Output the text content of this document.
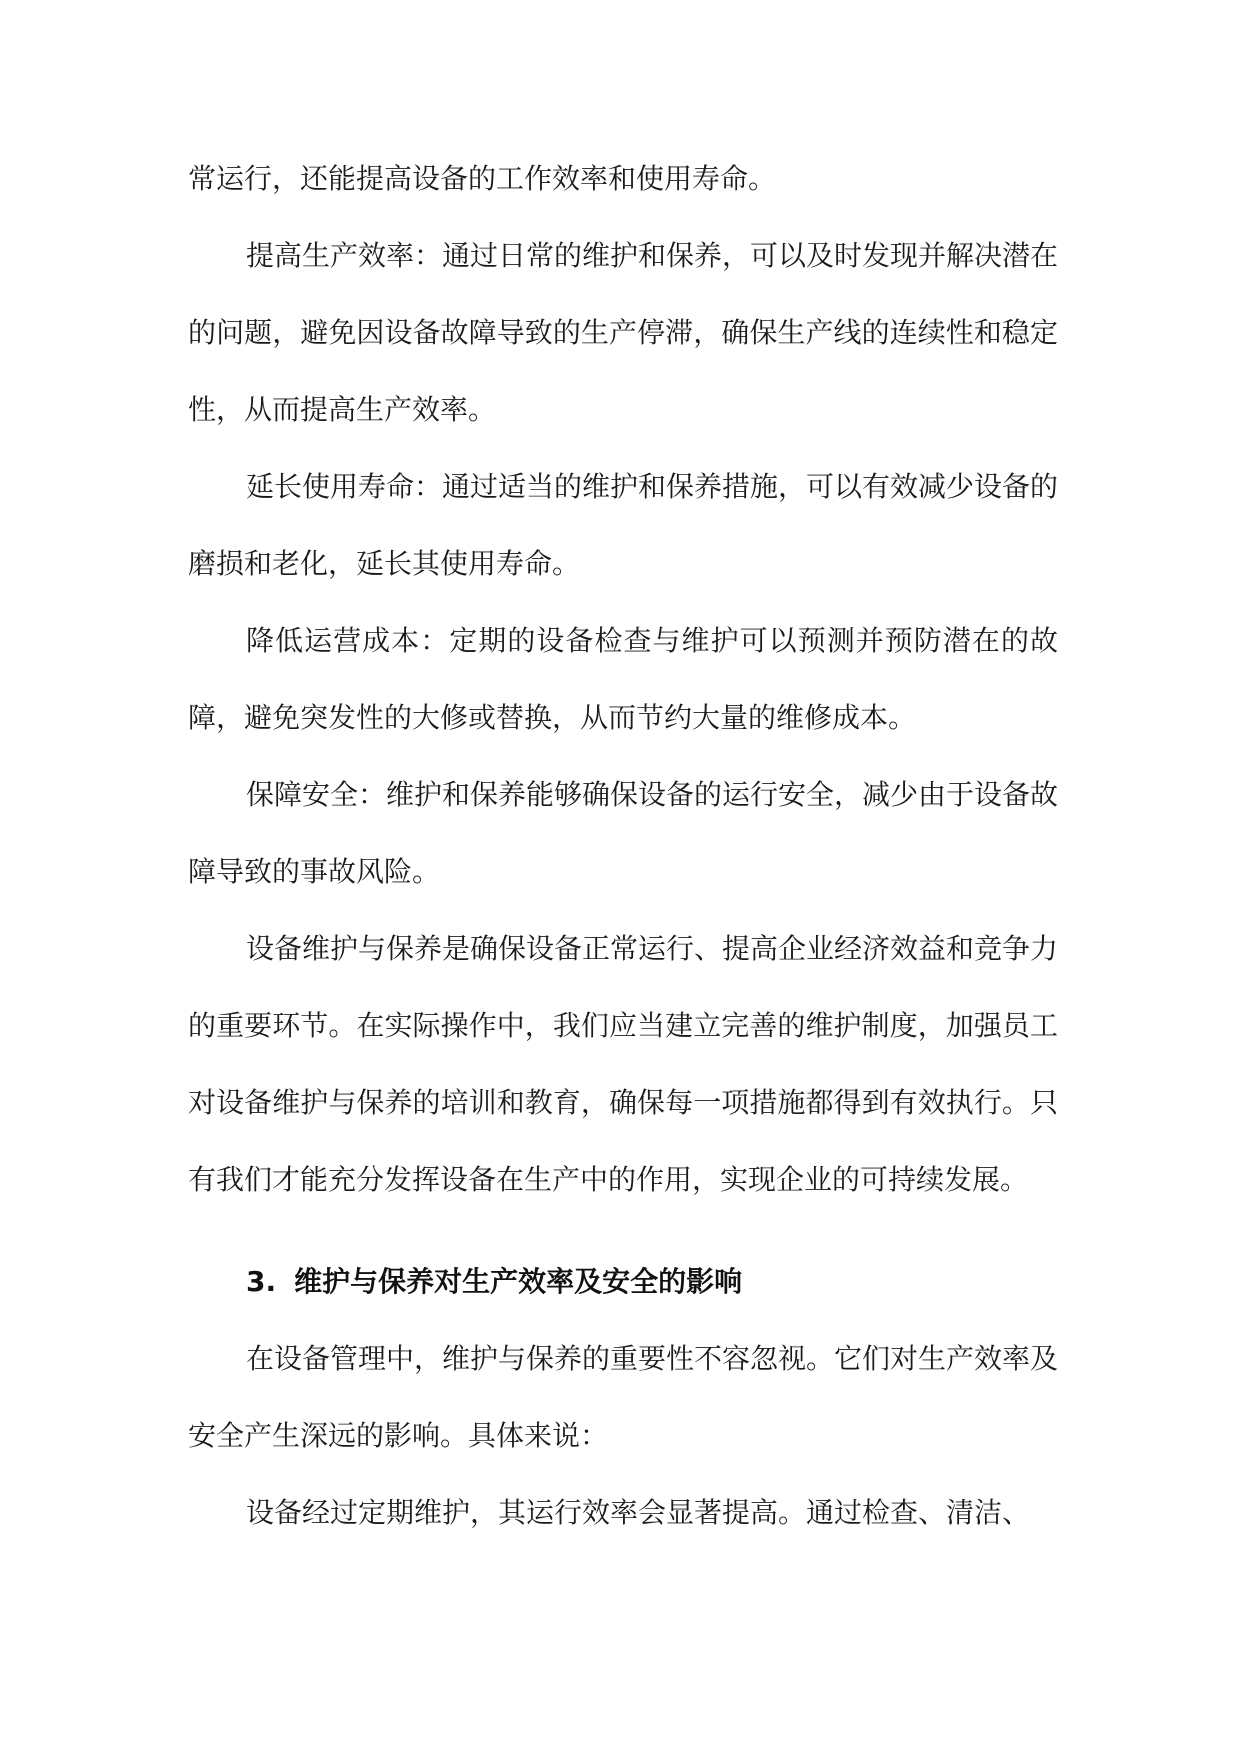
常运行，还能提高设备的工作效率和使用寿命。

提高生产效率：通过日常的维护和保养，可以及时发现并解决潜在的问题，避免因设备故障导致的生产停滞，确保生产线的连续性和稳定性，从而提高生产效率。

延长使用寿命：通过适当的维护和保养措施，可以有效减少设备的磨损和老化，延长其使用寿命。

降低运营成本：定期的设备检查与维护可以预测并预防潜在的故障，避免突发性的大修或替换，从而节约大量的维修成本。

保障安全：维护和保养能够确保设备的运行安全，减少由于设备故障导致的事故风险。

设备维护与保养是确保设备正常运行、提高企业经济效益和竞争力的重要环节。在实际操作中，我们应当建立完善的维护制度，加强员工对设备维护与保养的培训和教育，确保每一项措施都得到有效执行。只有我们才能充分发挥设备在生产中的作用，实现企业的可持续发展。

3. 维护与保养对生产效率及安全的影响

在设备管理中，维护与保养的重要性不容忽视。它们对生产效率及安全产生深远的影响。具体来说：

设备经过定期维护，其运行效率会显著提高。通过检查、清洁、
